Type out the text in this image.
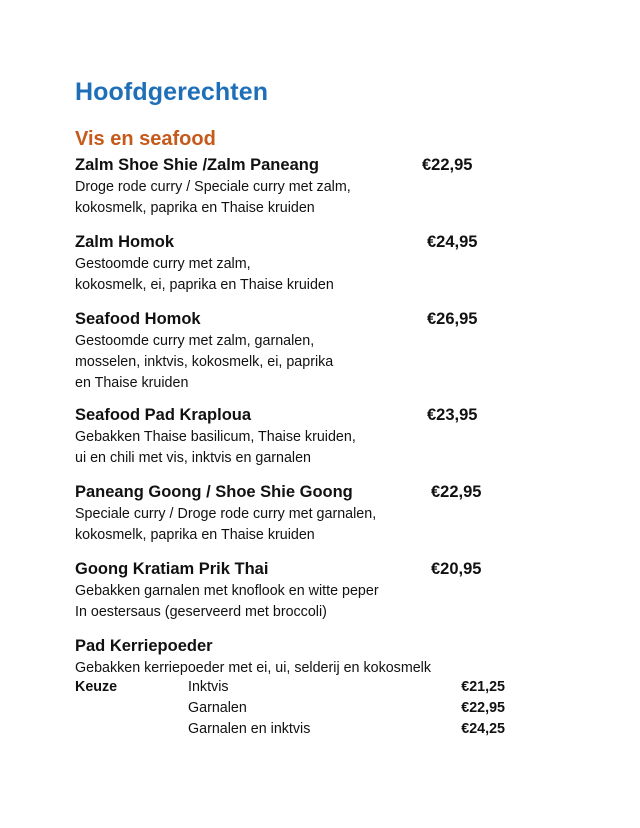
Hoofdgerechten
Vis en seafood
Zalm Shoe Shie /Zalm Paneang	€22,95
Droge rode curry / Speciale curry met zalm,
kokosmelk, paprika en Thaise kruiden
Zalm Homok	€24,95
Gestoomde curry met zalm,
kokosmelk, ei, paprika en Thaise kruiden
Seafood Homok	€26,95
Gestoomde curry met zalm, garnalen,
mosselen, inktvis, kokosmelk, ei, paprika
en Thaise kruiden
Seafood Pad Kraploua	€23,95
Gebakken Thaise basilicum, Thaise kruiden,
ui en chili met vis, inktvis en garnalen
Paneang Goong / Shoe Shie Goong	€22,95
Speciale curry / Droge rode curry met garnalen,
kokosmelk, paprika en Thaise kruiden
Goong Kratiam Prik Thai	€20,95
Gebakken garnalen met knoflook en witte peper
In oestersaus (geserveerd met broccoli)
Pad Kerriepoeder
Gebakken kerriepoeder met ei, ui, selderij en kokosmelk
Keuze	Inktvis	€21,25
Garnalen	€22,95
Garnalen en inktvis	€24,25
